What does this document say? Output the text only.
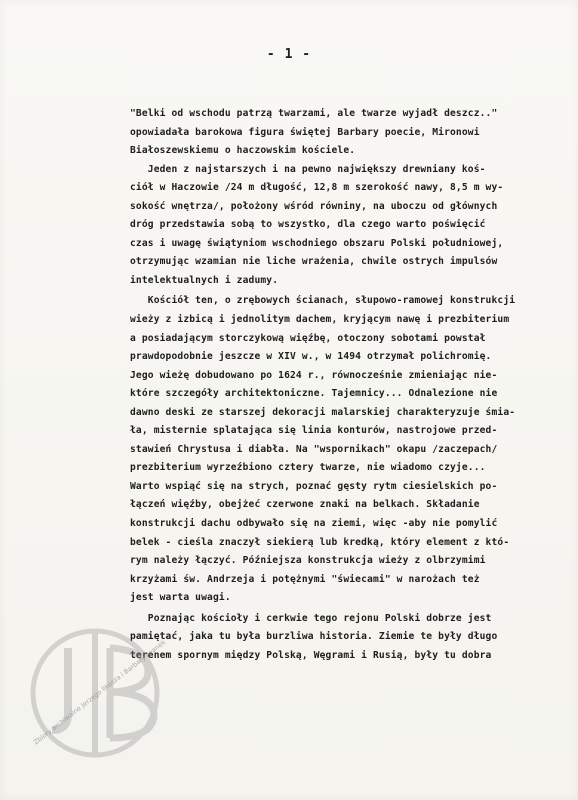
- 1 -
"Belki od wschodu patrzą twarzami, ale twarze wyjadł deszcz.."
opowiadała barokowa figura świętej Barbary poecie, Mironowi
Białoszewskiemu o haczowskim kościele.
Jeden z najstarszych i na pewno największy drewniany koś-
ciół w Haczowie /24 m długość, 12,8 m szerokość nawy, 8,5 m wy-
sokość wnętrza/, położony wśród równiny, na uboczu od głównych
dróg przedstawia sobą to wszystko, dla czego warto poświęcić
czas i uwagę świątyniom wschodniego obszaru Polski południowej,
otrzymując wzamian nie liche wrażenia, chwile ostrych impulsów
intelektualnych i zadumy.
Kościół ten, o zrębowych ścianach, słupowo-ramowej konstrukcji
wieży z izbicą i jednolitym dachem, kryjącym nawę i prezbiterium
a posiadającym storczykową więźbę, otoczony sobotami powstał
prawdopodobnie jeszcze w XIV w., w 1494 otrzymał polichromię.
Jego wieżę dobudowano po 1624 r., równocześnie zmieniając nie-
które szczegóły architektoniczne. Tajemnicy... Odnalezione nie
dawno deski ze starszej dekoracji malarskiej charakteryzuje śmia-
ła, misternie splatająca się linia konturów, nastrojowe przed-
stawień Chrystusa i diabła. Na "wspornikach" okapu /zaczepach/
prezbiterium wyrzeźbiono cztery twarze, nie wiadomo czyje...
Warto wspiąć się na strych, poznać gęsty rytm ciesielskich po-
łączeń więźby, obejżeć czerwone znaki na belkach. Składanie
konstrukcji dachu odbywało się na ziemi, więc -aby nie pomylić
belek - cieśla znaczył siekierą lub kredką, który element z któ-
rym należy łączyć. Późniejsza konstrukcja wieży z olbrzymimi
krzyżami św. Andrzeja i potężnymi "świecami" w narożach też
jest warta uwagi.
Poznając kościoły i cerkwie tego rejonu Polski dobrze jest
pamiętać, jaka tu była burzliwa historia. Ziemie te były długo
terenem spornym między Polską, Węgrami i Rusią, były tu dobra
Zbiory archiwalne Jerzego Ilkosza i Barbary Iwanek
